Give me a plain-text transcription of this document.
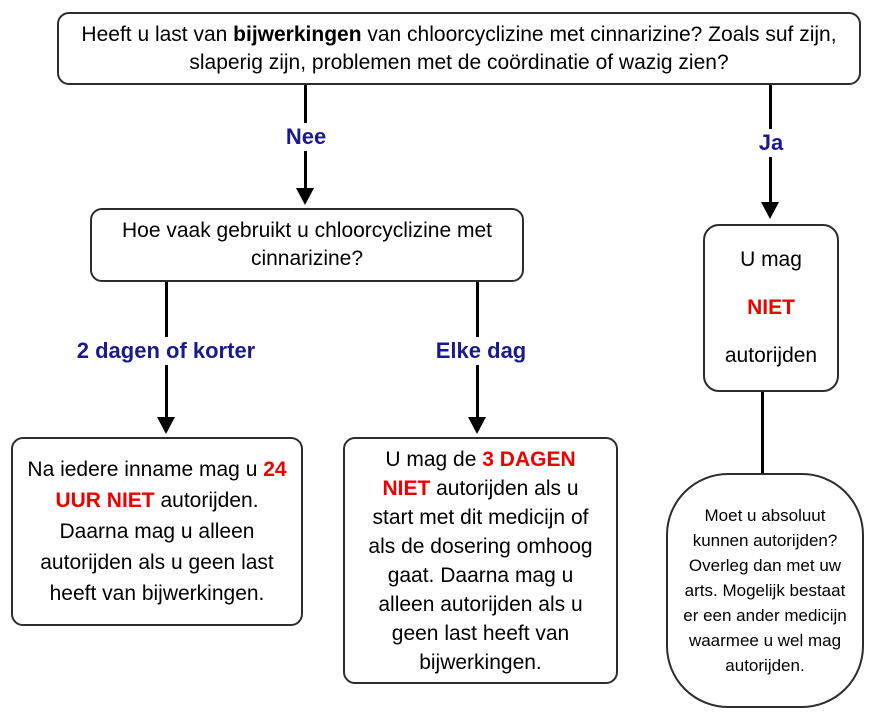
Heeft u last van bijwerkingen van chloorcyclizine met cinnarizine? Zoals suf zijn, slaperig zijn, problemen met de coördinatie of wazig zien?

Nee	Ja

Hoe vaak gebruikt u chloorcyclizine met cinnarizine?

2 dagen of korter	Elke dag

Na iedere inname mag u 24 UUR NIET autorijden. Daarna mag u alleen autorijden als u geen last heeft van bijwerkingen.

U mag de 3 DAGEN NIET autorijden als u start met dit medicijn of als de dosering omhoog gaat. Daarna mag u alleen autorijden als u geen last heeft van bijwerkingen.

U mag

NIET

autorijden

Moet u absoluut kunnen autorijden? Overleg dan met uw arts. Mogelijk bestaat er een ander medicijn waarmee u wel mag autorijden.
